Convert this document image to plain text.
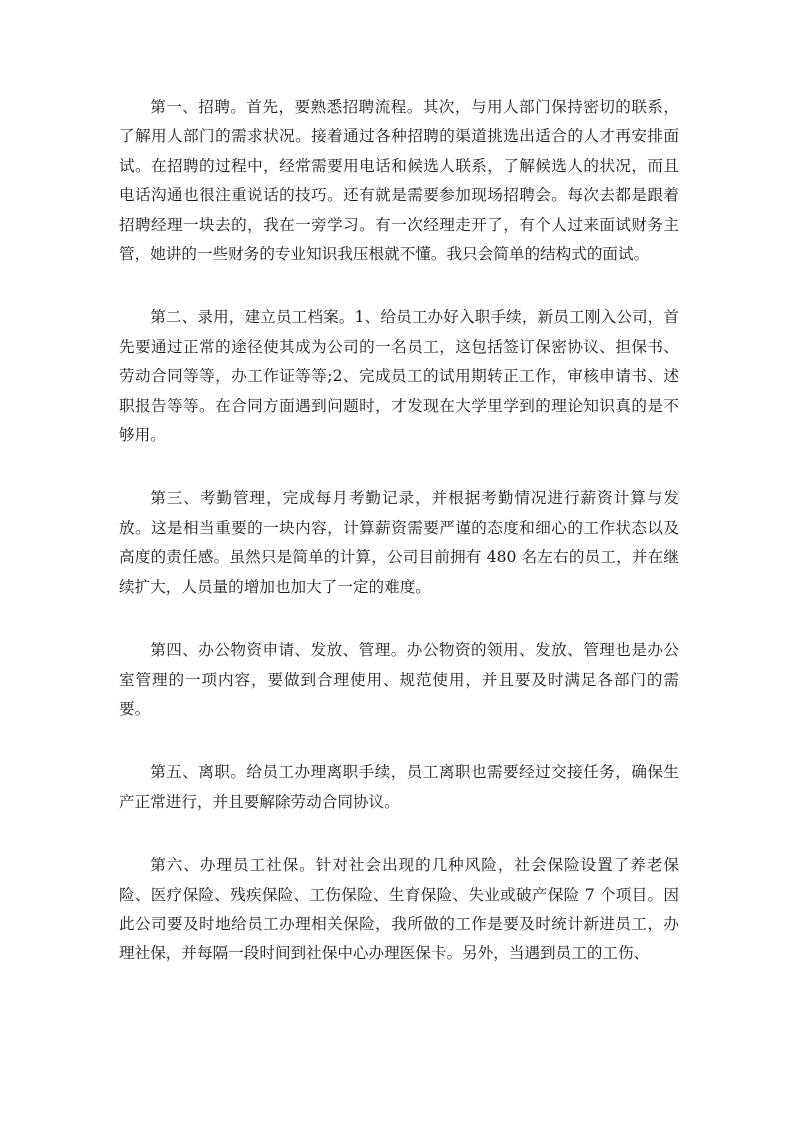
第一、招聘。首先，要熟悉招聘流程。其次，与用人部门保持密切的联系，了解用人部门的需求状况。接着通过各种招聘的渠道挑选出适合的人才再安排面试。在招聘的过程中，经常需要用电话和候选人联系，了解候选人的状况，而且电话沟通也很注重说话的技巧。还有就是需要参加现场招聘会。每次去都是跟着招聘经理一块去的，我在一旁学习。有一次经理走开了，有个人过来面试财务主管，她讲的一些财务的专业知识我压根就不懂。我只会简单的结构式的面试。

第二、录用，建立员工档案。1、给员工办好入职手续，新员工刚入公司，首先要通过正常的途径使其成为公司的一名员工，这包括签订保密协议、担保书、劳动合同等等，办工作证等等;2、完成员工的试用期转正工作，审核申请书、述职报告等等。在合同方面遇到问题时，才发现在大学里学到的理论知识真的是不够用。

第三、考勤管理，完成每月考勤记录，并根据考勤情况进行薪资计算与发放。这是相当重要的一块内容，计算薪资需要严谨的态度和细心的工作状态以及高度的责任感。虽然只是简单的计算，公司目前拥有 480 名左右的员工，并在继续扩大，人员量的增加也加大了一定的难度。

第四、办公物资申请、发放、管理。办公物资的领用、发放、管理也是办公室管理的一项内容，要做到合理使用、规范使用，并且要及时满足各部门的需要。

第五、离职。给员工办理离职手续，员工离职也需要经过交接任务，确保生产正常进行，并且要解除劳动合同协议。

第六、办理员工社保。针对社会出现的几种风险，社会保险设置了养老保险、医疗保险、残疾保险、工伤保险、生育保险、失业或破产保险 7 个项目。因此公司要及时地给员工办理相关保险，我所做的工作是要及时统计新进员工，办理社保，并每隔一段时间到社保中心办理医保卡。另外，当遇到员工的工伤、
